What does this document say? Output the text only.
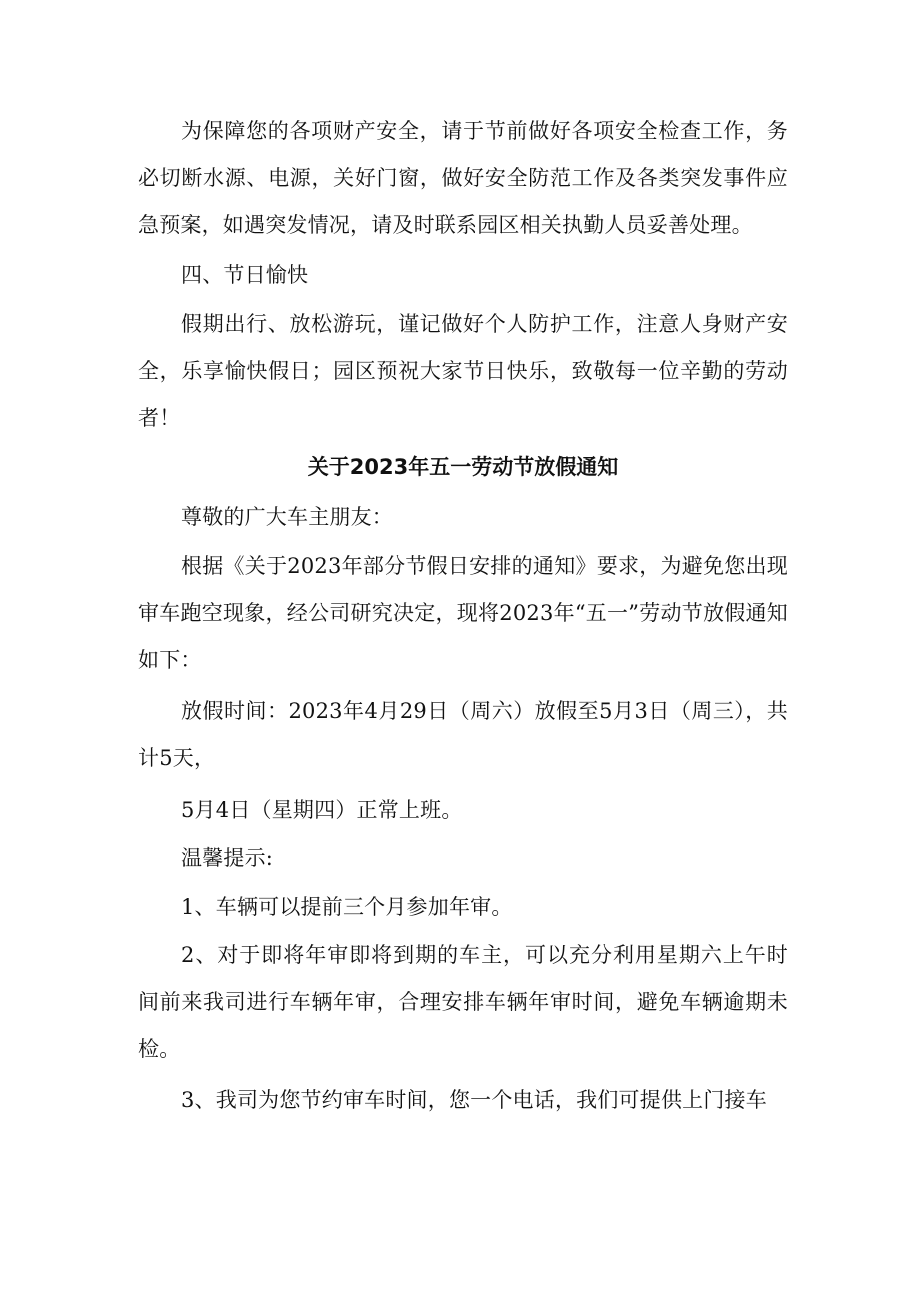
为保障您的各项财产安全，请于节前做好各项安全检查工作，务必切断水源、电源，关好门窗，做好安全防范工作及各类突发事件应急预案，如遇突发情况，请及时联系园区相关执勤人员妥善处理。

四、节日愉快

假期出行、放松游玩，谨记做好个人防护工作，注意人身财产安全，乐享愉快假日；园区预祝大家节日快乐，致敬每一位辛勤的劳动者！

关于2023年五一劳动节放假通知

尊敬的广大车主朋友：

根据《关于2023年部分节假日安排的通知》要求，为避免您出现审车跑空现象，经公司研究决定，现将2023年“五一”劳动节放假通知如下：

放假时间：2023年4月29日（周六）放假至5月3日（周三），共计5天，

5月4日（星期四）正常上班。

温馨提示:

1、车辆可以提前三个月参加年审。

2、对于即将年审即将到期的车主，可以充分利用星期六上午时间前来我司进行车辆年审，合理安排车辆年审时间，避免车辆逾期未检。

3、我司为您节约审车时间，您一个电话，我们可提供上门接车
